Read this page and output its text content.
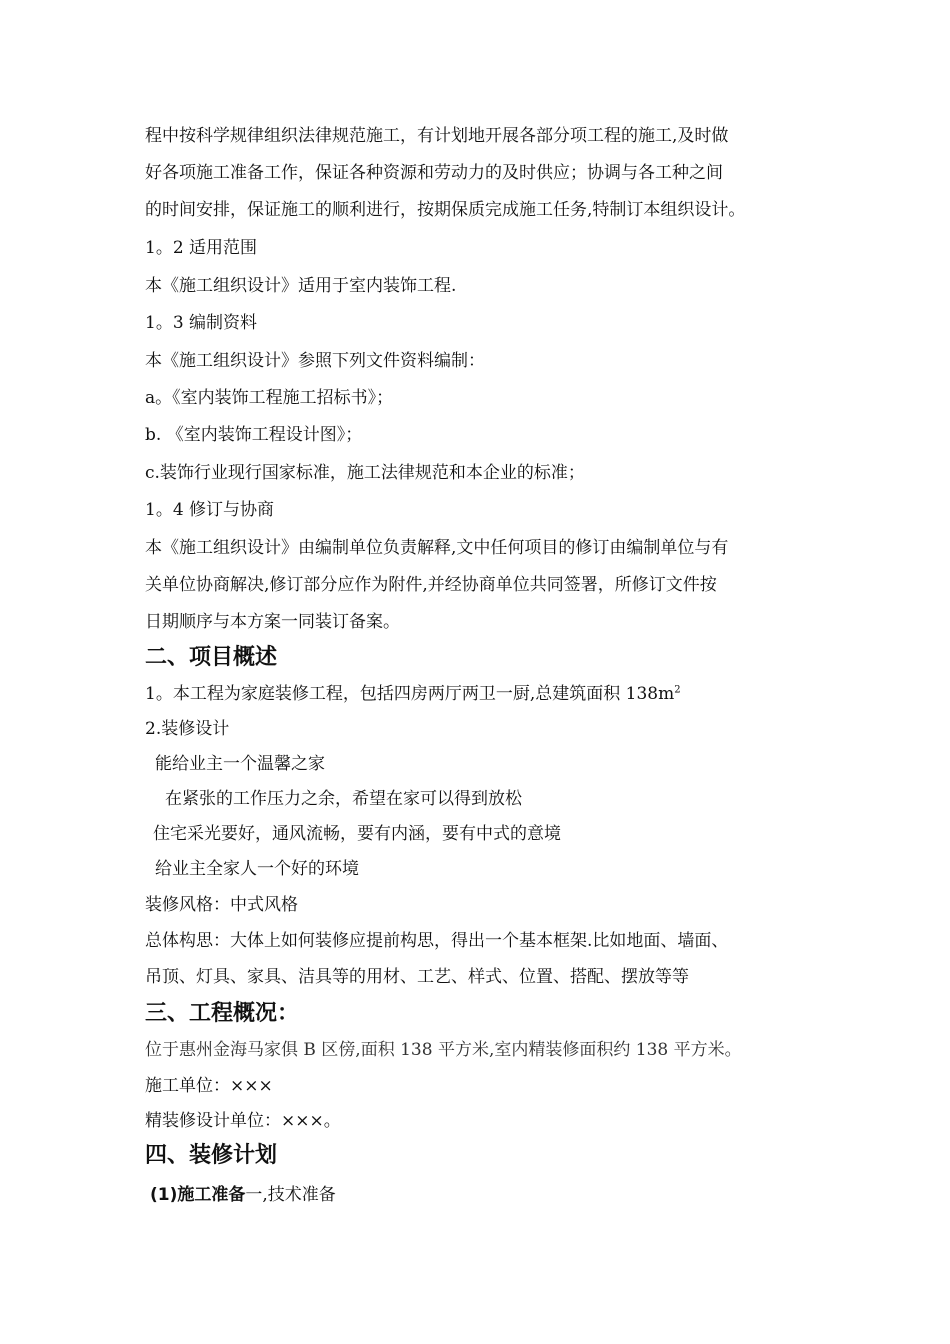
程中按科学规律组织法律规范施工，有计划地开展各部分项工程的施工,及时做
好各项施工准备工作，保证各种资源和劳动力的及时供应；协调与各工种之间
的时间安排，保证施工的顺利进行，按期保质完成施工任务,特制订本组织设计。
1。2 适用范围
本《施工组织设计》适用于室内装饰工程.
1。3 编制资料
本《施工组织设计》参照下列文件资料编制：
a。《室内装饰工程施工招标书》；
b. 《室内装饰工程设计图》；
c.装饰行业现行国家标准，施工法律规范和本企业的标准；
1。4 修订与协商
本《施工组织设计》由编制单位负责解释,文中任何项目的修订由编制单位与有
关单位协商解决,修订部分应作为附件,并经协商单位共同签署，所修订文件按
日期顺序与本方案一同装订备案。
二、项目概述
1。本工程为家庭装修工程，包括四房两厅两卫一厨,总建筑面积 $138m^2$
2.装修设计
能给业主一个温馨之家
在紧张的工作压力之余，希望在家可以得到放松
住宅采光要好，通风流畅，要有内涵，要有中式的意境
给业主全家人一个好的环境
装修风格：中式风格
总体构思：大体上如何装修应提前构思，得出一个基本框架.比如地面、墙面、
吊顶、灯具、家具、洁具等的用材、工艺、样式、位置、搭配、摆放等等
三、工程概况：
位于惠州金海马家俱 B 区傍,面积 138 平方米,室内精装修面积约 138 平方米。
施工单位：×××
精装修设计单位：×××。
四、装修计划
(1)施工准备一,技术准备
